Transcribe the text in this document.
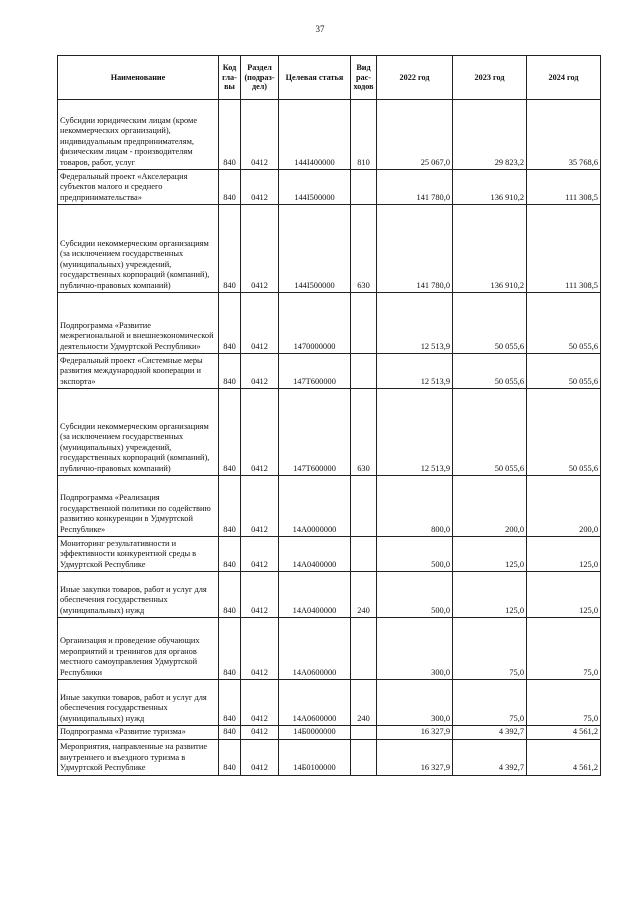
37
Наименование	Код гла-вы	Раздел (подраз-дел)	Целевая статья	Вид рас-ходов	2022 год	2023 год	2024 год
Субсидии юридическим лицам (кроме некоммерческих организаций), индивидуальным предпринимателям, физическим лицам - производителям товаров, работ, услуг	840	0412	144I400000	810	25 067,0	29 823,2	35 768,6
Федеральный проект «Акселерация субъектов малого и среднего предпринимательства»	840	0412	144I500000		141 780,0	136 910,2	111 308,5
Субсидии некоммерческим организациям (за исключением государственных (муниципальных) учреждений, государственных корпораций (компаний), публично-правовых компаний)	840	0412	144I500000	630	141 780,0	136 910,2	111 308,5
Подпрограмма «Развитие межрегиональной и внешнеэкономической деятельности Удмуртской Республики»	840	0412	1470000000		12 513,9	50 055,6	50 055,6
Федеральный проект «Системные меры развития международной кооперации и экспорта»	840	0412	147T600000		12 513,9	50 055,6	50 055,6
Субсидии некоммерческим организациям (за исключением государственных (муниципальных) учреждений, государственных корпораций (компаний), публично-правовых компаний)	840	0412	147T600000	630	12 513,9	50 055,6	50 055,6
Подпрограмма «Реализация государственной политики по содействию развитию конкуренции в Удмуртской Республике»	840	0412	14A0000000		800,0	200,0	200,0
Мониторинг результативности и эффективности конкурентной среды в Удмуртской Республике	840	0412	14A0400000		500,0	125,0	125,0
Иные закупки товаров, работ и услуг для обеспечения государственных (муниципальных) нужд	840	0412	14A0400000	240	500,0	125,0	125,0
Организация и проведение обучающих мероприятий и тренингов для органов местного самоуправления Удмуртской Республики	840	0412	14A0600000		300,0	75,0	75,0
Иные закупки товаров, работ и услуг для обеспечения государственных (муниципальных) нужд	840	0412	14A0600000	240	300,0	75,0	75,0
Подпрограмма «Развитие туризма»	840	0412	14Б0000000		16 327,9	4 392,7	4 561,2
Мероприятия, направленные на развитие внутреннего и въездного туризма в Удмуртской Республике	840	0412	14Б0100000		16 327,9	4 392,7	4 561,2
